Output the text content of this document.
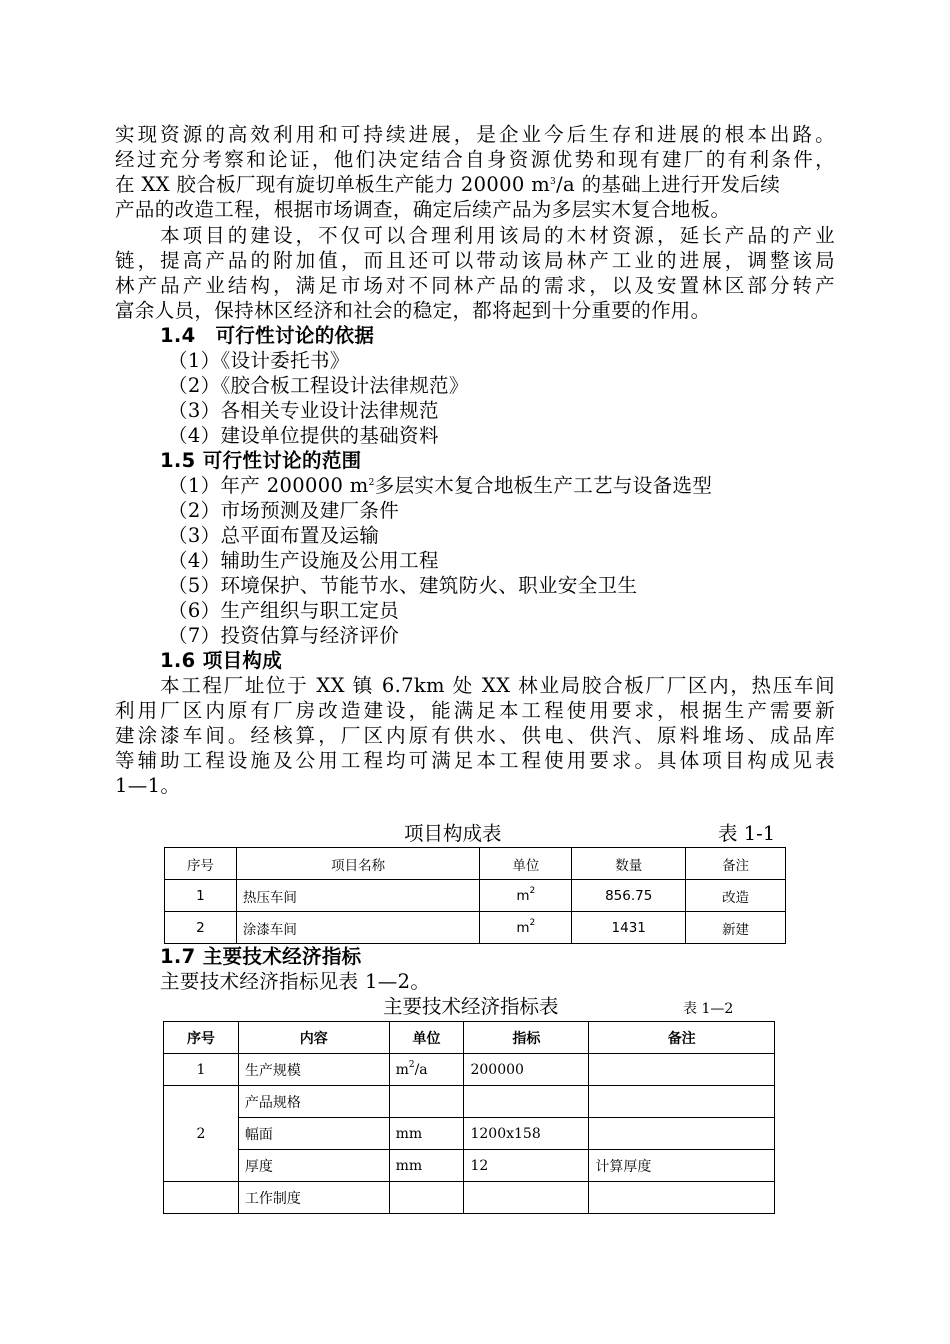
实现资源的高效利用和可持续进展，是企业今后生存和进展的根本出路。
经过充分考察和论证，他们决定结合自身资源优势和现有建厂的有利条件，
在 XX 胶合板厂现有旋切单板生产能力 20000 $m^3/a$ 的基础上进行开发后续
产品的改造工程，根据市场调查，确定后续产品为多层实木复合地板。
本项目的建设，不仅可以合理利用该局的木材资源，延长产品的产业
链，提高产品的附加值，而且还可以带动该局林产工业的进展，调整该局
林产品产业结构，满足市场对不同林产品的需求，以及安置林区部分转产
富余人员，保持林区经济和社会的稳定，都将起到十分重要的作用。
1.4　可行性讨论的依据
（1）《设计委托书》
（2）《胶合板工程设计法律规范》
（3）各相关专业设计法律规范
（4）建设单位提供的基础资料
1.5 可行性讨论的范围
（1）年产 200000 $m^2$多层实木复合地板生产工艺与设备选型
（2）市场预测及建厂条件
（3）总平面布置及运输
（4）辅助生产设施及公用工程
（5）环境保护、节能节水、建筑防火、职业安全卫生
（6）生产组织与职工定员
（7）投资估算与经济评价
1.6 项目构成
本工程厂址位于 XX 镇 6.7km 处 XX 林业局胶合板厂厂区内，热压车间
利用厂区内原有厂房改造建设，能满足本工程使用要求，根据生产需要新
建涂漆车间。经核算，厂区内原有供水、供电、供汽、原料堆场、成品库
等辅助工程设施及公用工程均可满足本工程使用要求。具体项目构成见表
1—1。
项目构成表	表 1-1
序号	项目名称	单位	数量	备注
1	热压车间	$m^2$	856.75	改造
2	涂漆车间	$m^2$	1431	新建
1.7 主要技术经济指标
主要技术经济指标见表 1—2。
主要技术经济指标表	表 1—2
序号	内容	单位	指标	备注
1	生产规模	$m^2/a$	200000	
2	产品规格			
	幅面	mm	1200x158	
	厚度	mm	12	计算厚度
	工作制度			
